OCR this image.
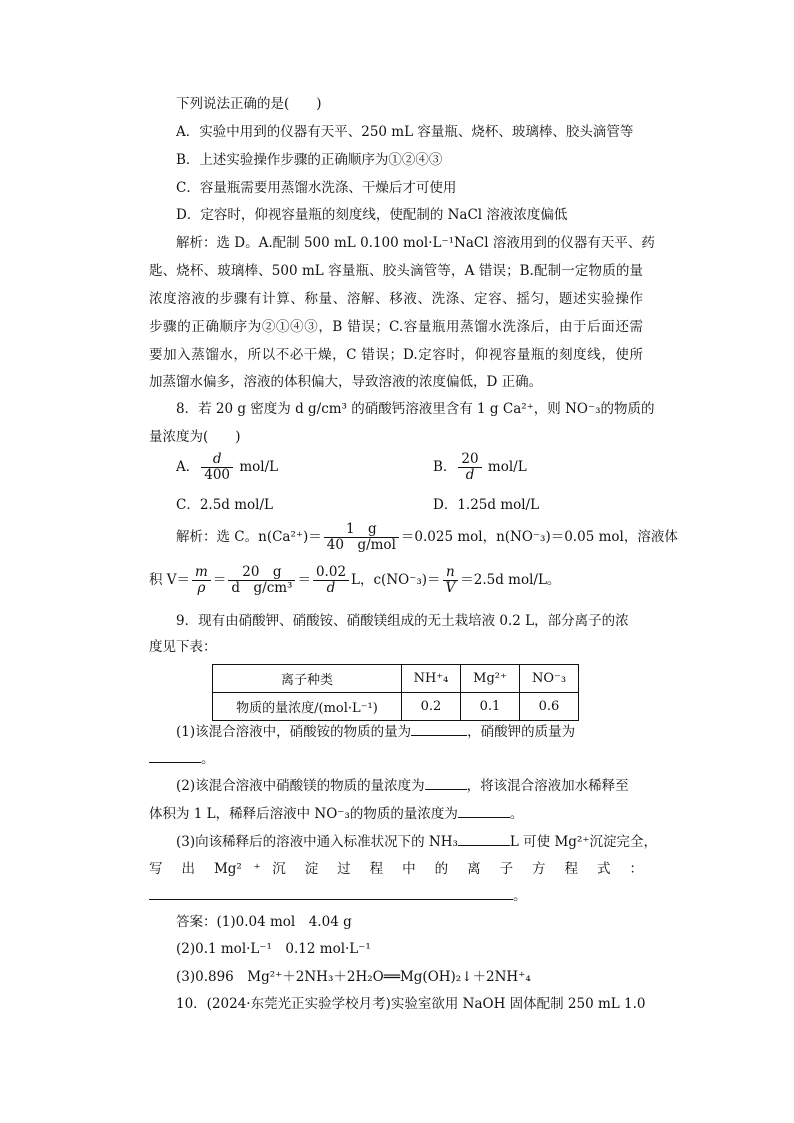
下列说法正确的是(　　)
A．实验中用到的仪器有天平、250 mL 容量瓶、烧杯、玻璃棒、胶头滴管等
B．上述实验操作步骤的正确顺序为①②④③
C．容量瓶需要用蒸馏水洗涤、干燥后才可使用
D．定容时，仰视容量瓶的刻度线，使配制的 NaCl 溶液浓度偏低
解析：选 D。A.配制 500 mL 0.100 mol·L⁻¹NaCl 溶液用到的仪器有天平、药
匙、烧杯、玻璃棒、500 mL 容量瓶、胶头滴管等，A 错误；B.配制一定物质的量
浓度溶液的步骤有计算、称量、溶解、移液、洗涤、定容、摇匀，题述实验操作
步骤的正确顺序为②①④③，B 错误；C.容量瓶用蒸馏水洗涤后，由于后面还需
要加入蒸馏水，所以不必干燥，C 错误；D.定容时，仰视容量瓶的刻度线，使所
加蒸馏水偏多，溶液的体积偏大，导致溶液的浓度偏低，D 正确。
8．若 20 g 密度为 d g/cm³ 的硝酸钙溶液里含有 1 g Ca²⁺，则 NO⁻₃的物质的
量浓度为(　　)
A． $\frac{d}{400} mol/L$	B． $\frac{20}{d} mol/L$
C．2.5d mol/L	D．1.25d mol/L
解析：选 C。$n(Ca^{2+})= \frac{1 g}{\text{40　g/mol}} =0.025$ mol，n(NO⁻₃)＝0.05 mol，溶液体
积 $V= \frac{m}{\rho} = \frac{20 g}{\text{d　g/cm³}} = \frac{0.02}{d}$ L，$c(NO^-_3)= \frac{n}{V} =2.5d$ mol/L。
9．现有由硝酸钾、硝酸铵、硝酸镁组成的无土栽培液 0.2 L，部分离子的浓
度见下表：
离子种类	NH⁺₄	Mg²⁺	NO⁻₃
物质的量浓度/(mol·L⁻¹)	0.2	0.1	0.6
(1)该混合溶液中，硝酸铵的物质的量为	，硝酸钾的质量为
。
(2)该混合溶液中硝酸镁的物质的量浓度为	，将该混合溶液加水稀释至
体积为 1 L，稀释后溶液中 NO⁻₃的物质的量浓度为	。
(3)向该稀释后的溶液中通入标准状况下的 NH₃	L 可使 Mg²⁺沉淀完全，
写 出 Mg² ⁺ 沉 淀 过 程 中 的 离 子 方 程 式 ：
。
答案：(1)0.04 mol　4.04 g
(2)0.1 mol·L⁻¹　0.12 mol·L⁻¹
(3)0.896　Mg²⁺＋2NH₃＋2H₂O══Mg(OH)₂↓＋2NH⁺₄
10．(2024·东莞光正实验学校月考)实验室欲用 NaOH 固体配制 250 mL 1.0
